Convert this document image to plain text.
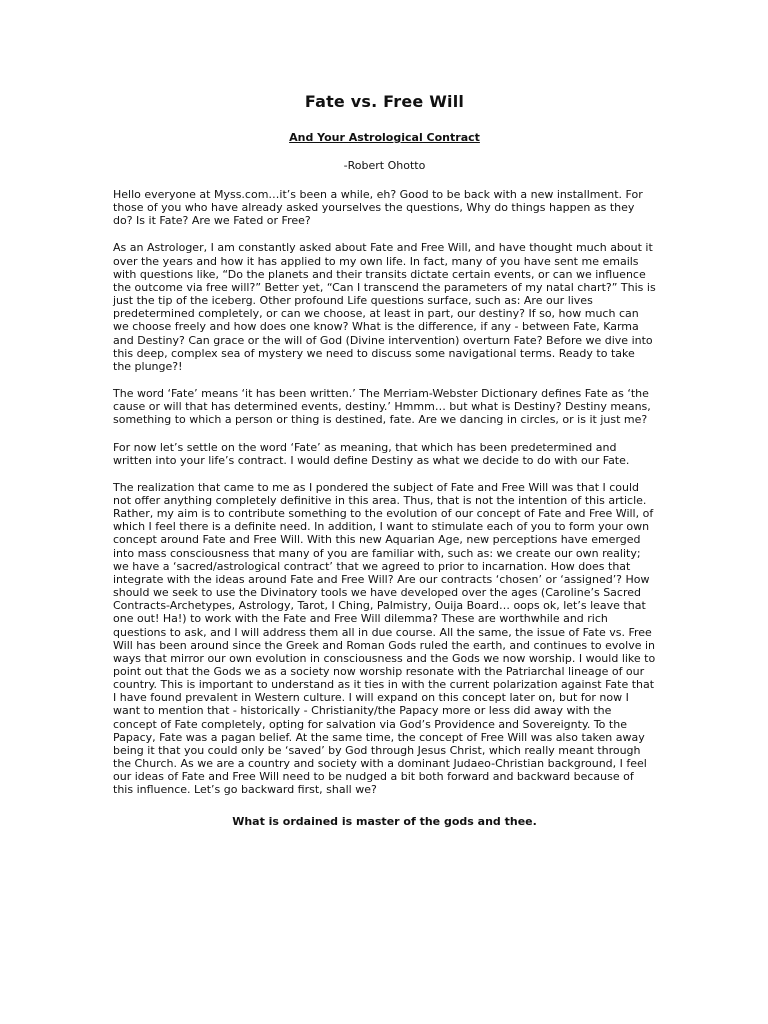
Fate vs. Free Will
And Your Astrological Contract
-Robert Ohotto

Hello everyone at Myss.com…it’s been a while, eh? Good to be back with a new installment. For those of you who have already asked yourselves the questions, Why do things happen as they do? Is it Fate? Are we Fated or Free?

As an Astrologer, I am constantly asked about Fate and Free Will, and have thought much about it over the years and how it has applied to my own life. In fact, many of you have sent me emails with questions like, “Do the planets and their transits dictate certain events, or can we influence the outcome via free will?” Better yet, “Can I transcend the parameters of my natal chart?” This is just the tip of the iceberg. Other profound Life questions surface, such as: Are our lives predetermined completely, or can we choose, at least in part, our destiny? If so, how much can we choose freely and how does one know? What is the difference, if any - between Fate, Karma and Destiny? Can grace or the will of God (Divine intervention) overturn Fate? Before we dive into this deep, complex sea of mystery we need to discuss some navigational terms. Ready to take the plunge?!

The word ‘Fate’ means ‘it has been written.’ The Merriam-Webster Dictionary defines Fate as ‘the cause or will that has determined events, destiny.’ Hmmm… but what is Destiny? Destiny means, something to which a person or thing is destined, fate. Are we dancing in circles, or is it just me?

For now let’s settle on the word ‘Fate’ as meaning, that which has been predetermined and written into your life’s contract. I would define Destiny as what we decide to do with our Fate.

The realization that came to me as I pondered the subject of Fate and Free Will was that I could not offer anything completely definitive in this area. Thus, that is not the intention of this article. Rather, my aim is to contribute something to the evolution of our concept of Fate and Free Will, of which I feel there is a definite need. In addition, I want to stimulate each of you to form your own concept around Fate and Free Will. With this new Aquarian Age, new perceptions have emerged into mass consciousness that many of you are familiar with, such as: we create our own reality; we have a ‘sacred/astrological contract’ that we agreed to prior to incarnation. How does that integrate with the ideas around Fate and Free Will? Are our contracts ‘chosen’ or ‘assigned’? How should we seek to use the Divinatory tools we have developed over the ages (Caroline’s Sacred Contracts-Archetypes, Astrology, Tarot, I Ching, Palmistry, Ouija Board… oops ok, let’s leave that one out! Ha!) to work with the Fate and Free Will dilemma? These are worthwhile and rich questions to ask, and I will address them all in due course. All the same, the issue of Fate vs. Free Will has been around since the Greek and Roman Gods ruled the earth, and continues to evolve in ways that mirror our own evolution in consciousness and the Gods we now worship. I would like to point out that the Gods we as a society now worship resonate with the Patriarchal lineage of our country. This is important to understand as it ties in with the current polarization against Fate that I have found prevalent in Western culture. I will expand on this concept later on, but for now I want to mention that - historically - Christianity/the Papacy more or less did away with the concept of Fate completely, opting for salvation via God’s Providence and Sovereignty. To the Papacy, Fate was a pagan belief. At the same time, the concept of Free Will was also taken away being it that you could only be ‘saved’ by God through Jesus Christ, which really meant through the Church. As we are a country and society with a dominant Judaeo-Christian background, I feel our ideas of Fate and Free Will need to be nudged a bit both forward and backward because of this influence. Let’s go backward first, shall we?

What is ordained is master of the gods and thee.
